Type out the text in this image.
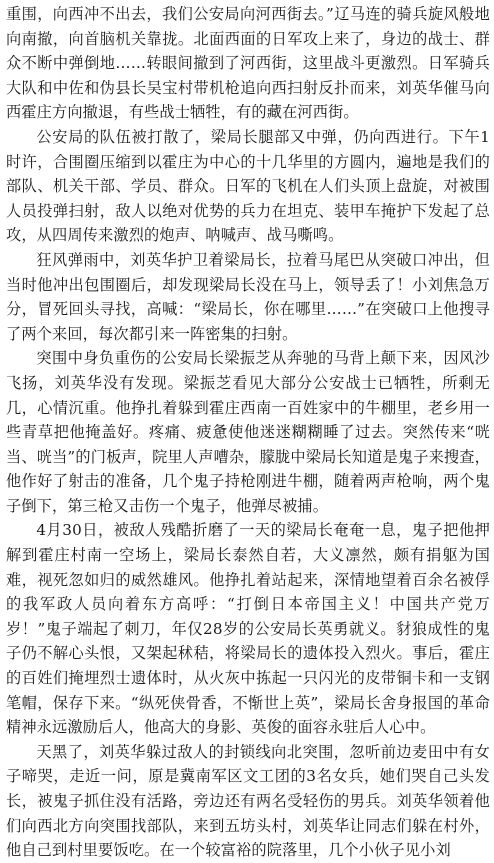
重围，向西冲不出去，我们公安局向河西街去。”辽马连的骑兵旋风般地向南撤，向首脑机关靠拢。北面西面的日军攻上来了，身边的战士、群众不断中弹倒地……转眼间撤到了河西街，这里战斗更激烈。日军骑兵大队和中佐和伪县长吴宝村带机枪追向西扫射反扑而来，刘英华催马向西霍庄方向撤退，有些战士牺牲，有的藏在河西街。

公安局的队伍被打散了，梁局长腿部又中弹，仍向西进行。下午1时许，合围圈压缩到以霍庄为中心的十几华里的方圆内，遍地是我们的部队、机关干部、学员、群众。日军的飞机在人们头顶上盘旋，对被围人员投弹扫射，敌人以绝对优势的兵力在坦克、装甲车掩护下发起了总攻，从四周传来激烈的炮声、呐喊声、战马嘶鸣。

狂风弹雨中，刘英华护卫着梁局长，拉着马尾巴从突破口冲出，但当时他冲出包围圈后，却发现梁局长没在马上，领导丢了！小刘焦急万分，冒死回头寻找，高喊：“梁局长，你在哪里……”在突破口上他搜寻了两个来回，每次都引来一阵密集的扫射。

突围中身负重伤的公安局长梁振芝从奔驰的马背上颠下来，因风沙飞扬，刘英华没有发现。梁振芝看见大部分公安战士已牺牲，所剩无几，心情沉重。他挣扎着躲到霍庄西南一百姓家中的牛棚里，老乡用一些青草把他掩盖好。疼痛、疲惫使他迷迷糊糊睡了过去。突然传来“咣当、咣当”的门板声，院里人声嘈杂，朦胧中梁局长知道是鬼子来搜查，他作好了射击的准备，几个鬼子持枪刚进牛棚，随着两声枪响，两个鬼子倒下，第三枪又击伤一个鬼子，他弹尽被捕。

4月30日，被敌人残酷折磨了一天的梁局长奄奄一息，鬼子把他押解到霍庄村南一空场上，梁局长泰然自若，大义凛然，颇有捐躯为国难，视死忽如归的威然雄风。他挣扎着站起来，深情地望着百余名被俘的我军政人员向着东方高呼：“打倒日本帝国主义！中国共产党万岁！”鬼子端起了刺刀，年仅28岁的公安局长英勇就义。豺狼成性的鬼子仍不解心头恨，又架起秫秸，将梁局长的遗体投入烈火。事后，霍庄的百姓们掩埋烈士遗体时，从火灰中拣起一只闪光的皮带铜卡和一支钢笔帽，保存下来。“纵死侠骨香，不惭世上英”，梁局长舍身报国的革命精神永远激励后人，他高大的身影、英俊的面容永驻后人心中。

天黑了，刘英华躲过敌人的封锁线向北突围，忽听前边麦田中有女子啼哭，走近一问，原是冀南军区文工团的3名女兵，她们哭自己头发长，被鬼子抓住没有活路，旁边还有两名受轻伤的男兵。刘英华领着他们向西北方向突围找部队，来到五坊头村，刘英华让同志们躲在村外，他自己到村里要饭吃。在一个较富裕的院落里，几个小伙子见小刘
